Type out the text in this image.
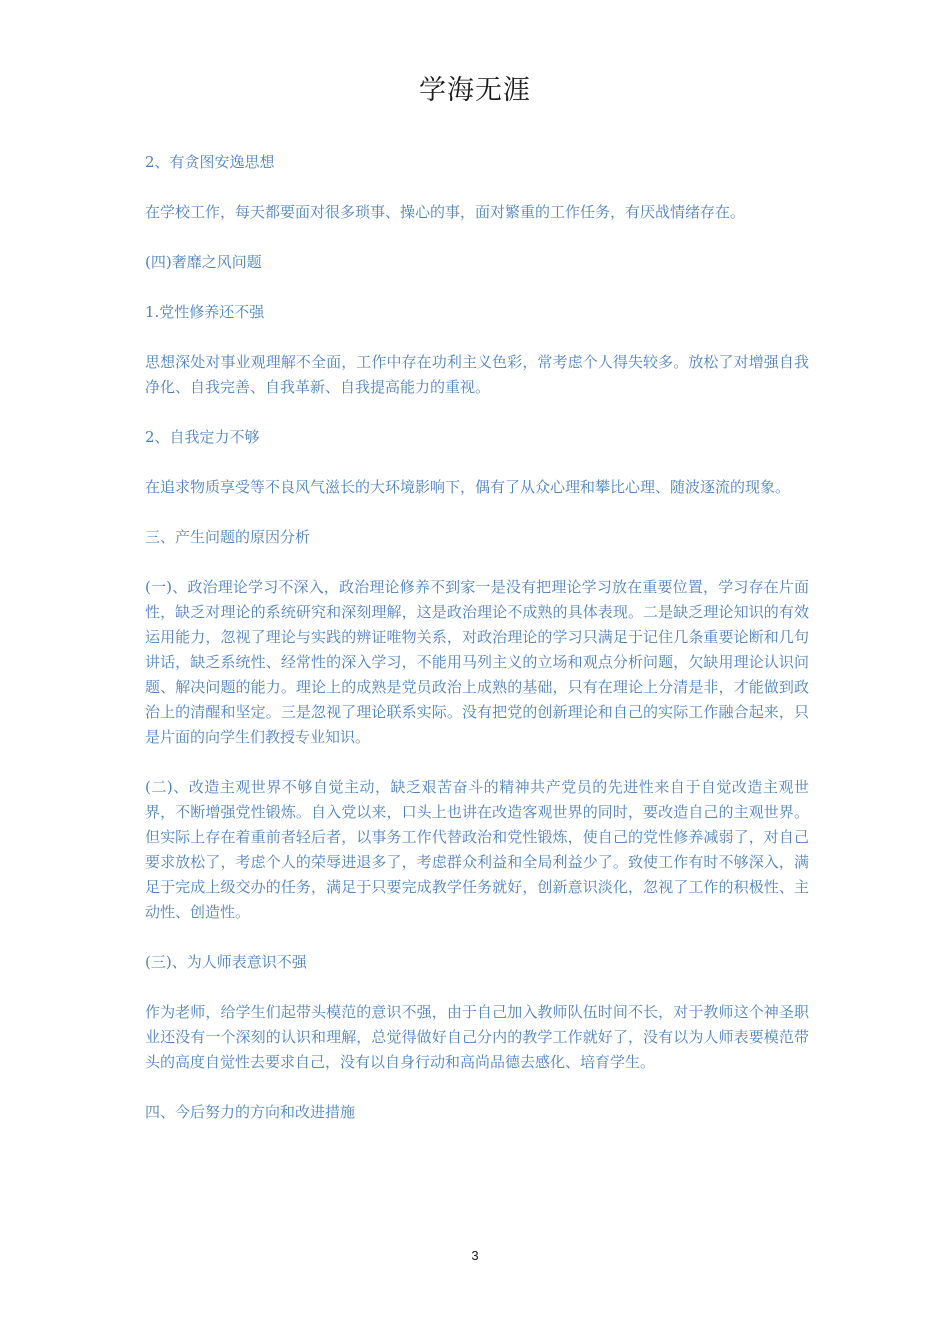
学海无涯

2、有贪图安逸思想

在学校工作，每天都要面对很多琐事、操心的事，面对繁重的工作任务，有厌战情绪存在。

(四)奢靡之风问题

1.党性修养还不强

思想深处对事业观理解不全面，工作中存在功利主义色彩，常考虑个人得失较多。放松了对增强自我净化、自我完善、自我革新、自我提高能力的重视。

2、自我定力不够

在追求物质享受等不良风气滋长的大环境影响下，偶有了从众心理和攀比心理、随波逐流的现象。

三、产生问题的原因分析

(一)、政治理论学习不深入，政治理论修养不到家一是没有把理论学习放在重要位置，学习存在片面性，缺乏对理论的系统研究和深刻理解，这是政治理论不成熟的具体表现。二是缺乏理论知识的有效运用能力，忽视了理论与实践的辨证唯物关系，对政治理论的学习只满足于记住几条重要论断和几句讲话，缺乏系统性、经常性的深入学习，不能用马列主义的立场和观点分析问题，欠缺用理论认识问题、解决问题的能力。理论上的成熟是党员政治上成熟的基础，只有在理论上分清是非，才能做到政治上的清醒和坚定。三是忽视了理论联系实际。没有把党的创新理论和自己的实际工作融合起来，只是片面的向学生们教授专业知识。

(二)、改造主观世界不够自觉主动，缺乏艰苦奋斗的精神共产党员的先进性来自于自觉改造主观世界，不断增强党性锻炼。自入党以来，口头上也讲在改造客观世界的同时，要改造自己的主观世界。但实际上存在着重前者轻后者，以事务工作代替政治和党性锻炼，使自己的党性修养减弱了，对自己要求放松了，考虑个人的荣辱进退多了，考虑群众利益和全局利益少了。致使工作有时不够深入，满足于完成上级交办的任务，满足于只要完成教学任务就好，创新意识淡化，忽视了工作的积极性、主动性、创造性。

(三)、为人师表意识不强

作为老师，给学生们起带头模范的意识不强，由于自己加入教师队伍时间不长，对于教师这个神圣职业还没有一个深刻的认识和理解，总觉得做好自己分内的教学工作就好了，没有以为人师表要模范带头的高度自觉性去要求自己，没有以自身行动和高尚品德去感化、培育学生。

四、今后努力的方向和改进措施

3
